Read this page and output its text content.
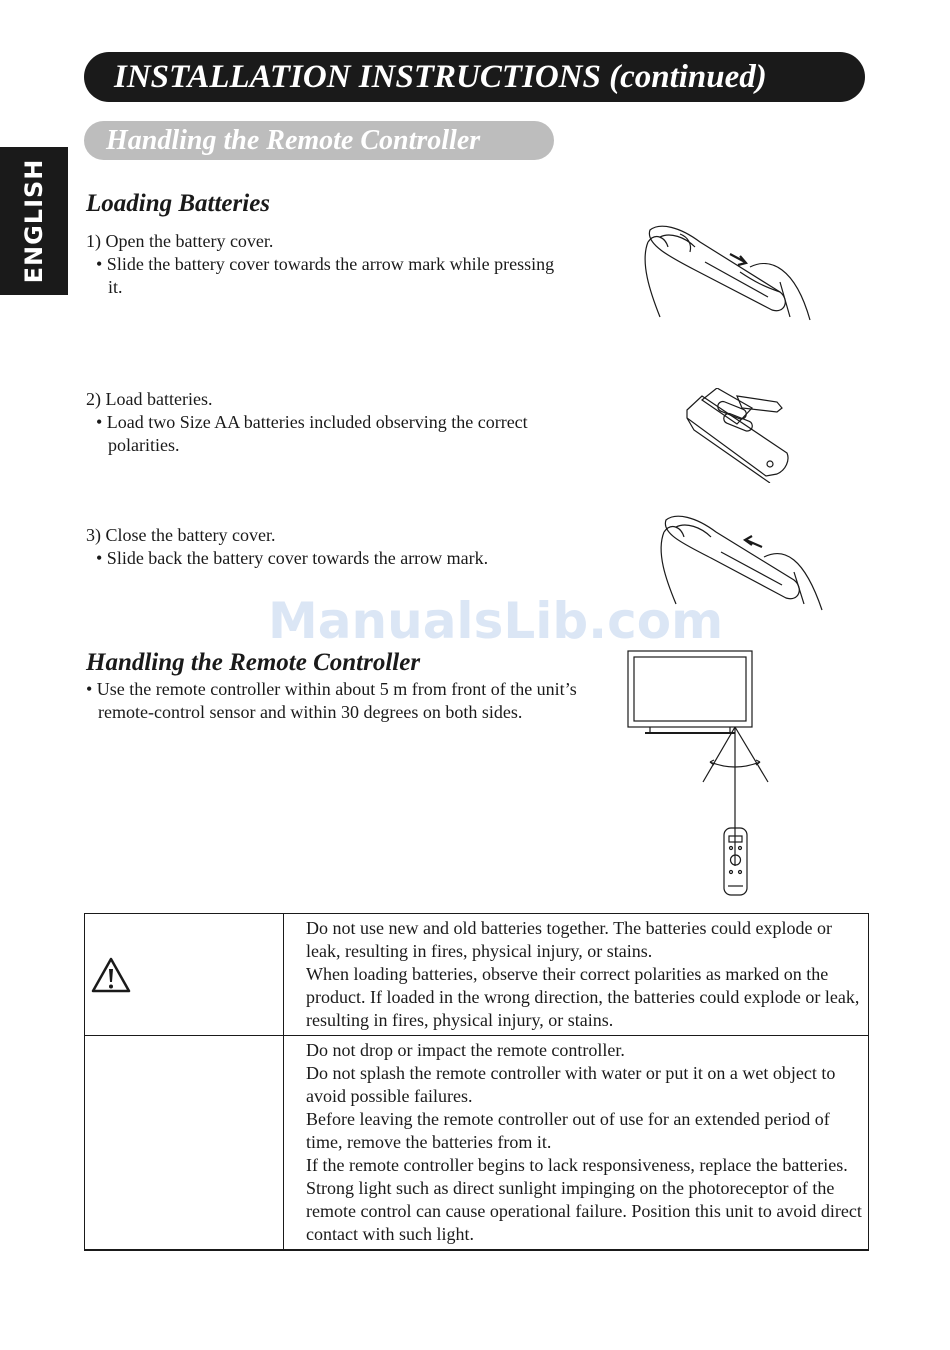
INSTALLATION INSTRUCTIONS (continued)
Handling the Remote Controller
ENGLISH Loading Batteries
1) Open the battery cover.
• Slide the battery cover towards the arrow mark while pressing it.
2) Load batteries.
• Load two Size AA batteries included observing the correct polarities.
3) Close the battery cover.
• Slide back the battery cover towards the arrow mark.
ManualsLib.com
Handling the Remote Controller
• Use the remote controller within about 5 m from front of the unit’s remote-control sensor and within 30 degrees on both sides.

Do not use new and old batteries together. The batteries could explode or leak, resulting in fires, physical injury, or stains.

When loading batteries, observe their correct polarities as marked on the product. If loaded in the wrong direction, the batteries could explode or leak, resulting in fires, physical injury, or stains.

	Do not drop or impact the remote controller.

Do not splash the remote controller with water or put it on a wet object to avoid possible failures.

Before leaving the remote controller out of use for an extended period of time, remove the batteries from it.

If the remote controller begins to lack responsiveness, replace the batteries.

Strong light such as direct sunlight impinging on the photoreceptor of the remote control can cause operational failure. Position this unit to avoid direct contact with such light.
